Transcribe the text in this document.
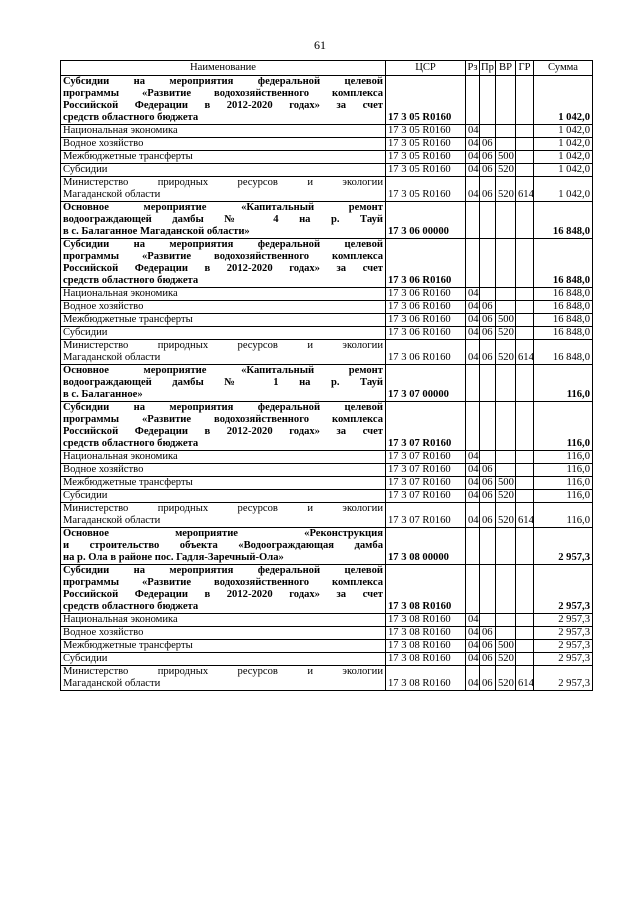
61
Наименование	ЦСР	Рз	Пр	ВР	ГР	Сумма

Субсидии на мероприятия федеральной целевой
программы «Развитие водохозяйственного комплекса
Российской Федерации в 2012-2020 годах» за счет
средств областного бюджета	17 3 05 R0160					1 042,0

Национальная экономика	17 3 05 R0160	04				1 042,0

Водное хозяйство	17 3 05 R0160	04	06			1 042,0

Межбюджетные трансферты	17 3 05 R0160	04	06	500		1 042,0

Субсидии	17 3 05 R0160	04	06	520		1 042,0

Министерство природных ресурсов и экологии
Магаданской области	17 3 05 R0160	04	06	520	614	1 042,0

Основное мероприятие «Капитальный ремонт
водоограждающей дамбы № 4 на р. Тауй
в с. Балаганное Магаданской области»	17 3 06 00000					16 848,0

Субсидии на мероприятия федеральной целевой
программы «Развитие водохозяйственного комплекса
Российской Федерации в 2012-2020 годах» за счет
средств областного бюджета	17 3 06 R0160					16 848,0

Национальная экономика	17 3 06 R0160	04				16 848,0

Водное хозяйство	17 3 06 R0160	04	06			16 848,0

Межбюджетные трансферты	17 3 06 R0160	04	06	500		16 848,0

Субсидии	17 3 06 R0160	04	06	520		16 848,0

Министерство природных ресурсов и экологии
Магаданской области	17 3 06 R0160	04	06	520	614	16 848,0

Основное мероприятие «Капитальный ремонт
водоограждающей дамбы № 1 на р. Тауй
в с. Балаганное»	17 3 07 00000					116,0

Субсидии на мероприятия федеральной целевой
программы «Развитие водохозяйственного комплекса
Российской Федерации в 2012-2020 годах» за счет
средств областного бюджета	17 3 07 R0160					116,0

Национальная экономика	17 3 07 R0160	04				116,0

Водное хозяйство	17 3 07 R0160	04	06			116,0

Межбюджетные трансферты	17 3 07 R0160	04	06	500		116,0

Субсидии	17 3 07 R0160	04	06	520		116,0

Министерство природных ресурсов и экологии
Магаданской области	17 3 07 R0160	04	06	520	614	116,0

Основное мероприятие «Реконструкция
и строительство объекта «Водоограждающая дамба
на р. Ола в районе пос. Гадля-Заречный-Ола»	17 3 08 00000					2 957,3

Субсидии на мероприятия федеральной целевой
программы «Развитие водохозяйственного комплекса
Российской Федерации в 2012-2020 годах» за счет
средств областного бюджета	17 3 08 R0160					2 957,3

Национальная экономика	17 3 08 R0160	04				2 957,3

Водное хозяйство	17 3 08 R0160	04	06			2 957,3

Межбюджетные трансферты	17 3 08 R0160	04	06	500		2 957,3

Субсидии	17 3 08 R0160	04	06	520		2 957,3

Министерство природных ресурсов и экологии
Магаданской области	17 3 08 R0160	04	06	520	614	2 957,3
